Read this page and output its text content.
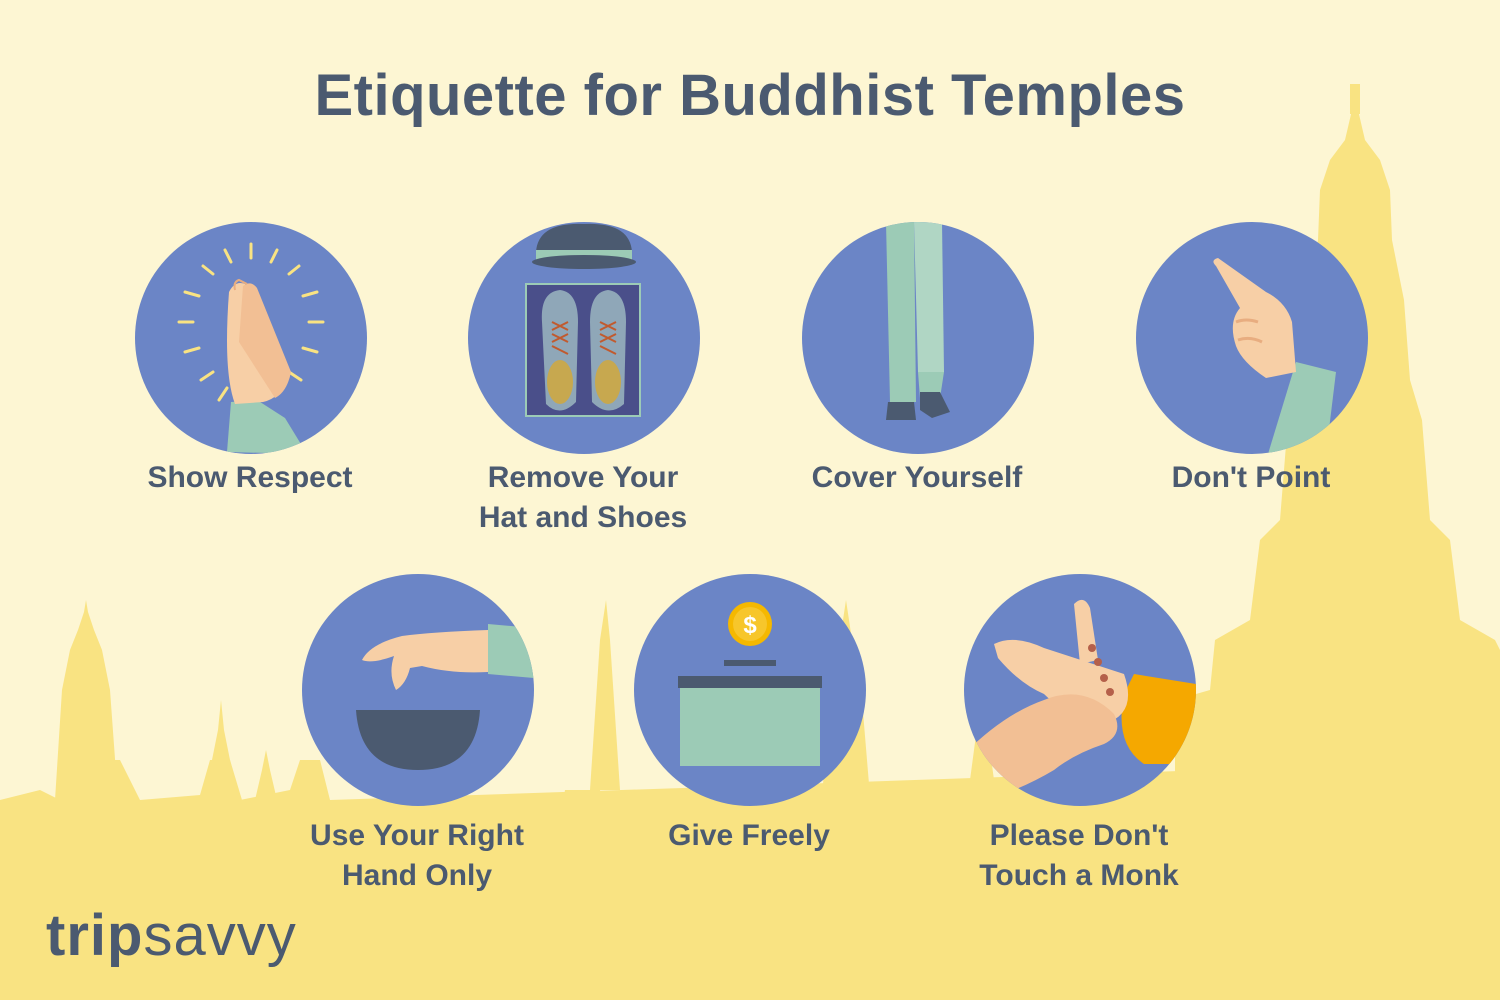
Etiquette for Buddhist Temples

Show Respect	Remove Your
Hat and Shoes

Cover Yourself	Don't Point

Use Your Right
Hand Only

$

Give Freely	Please Don't
Touch a Monk

tripsavvy
